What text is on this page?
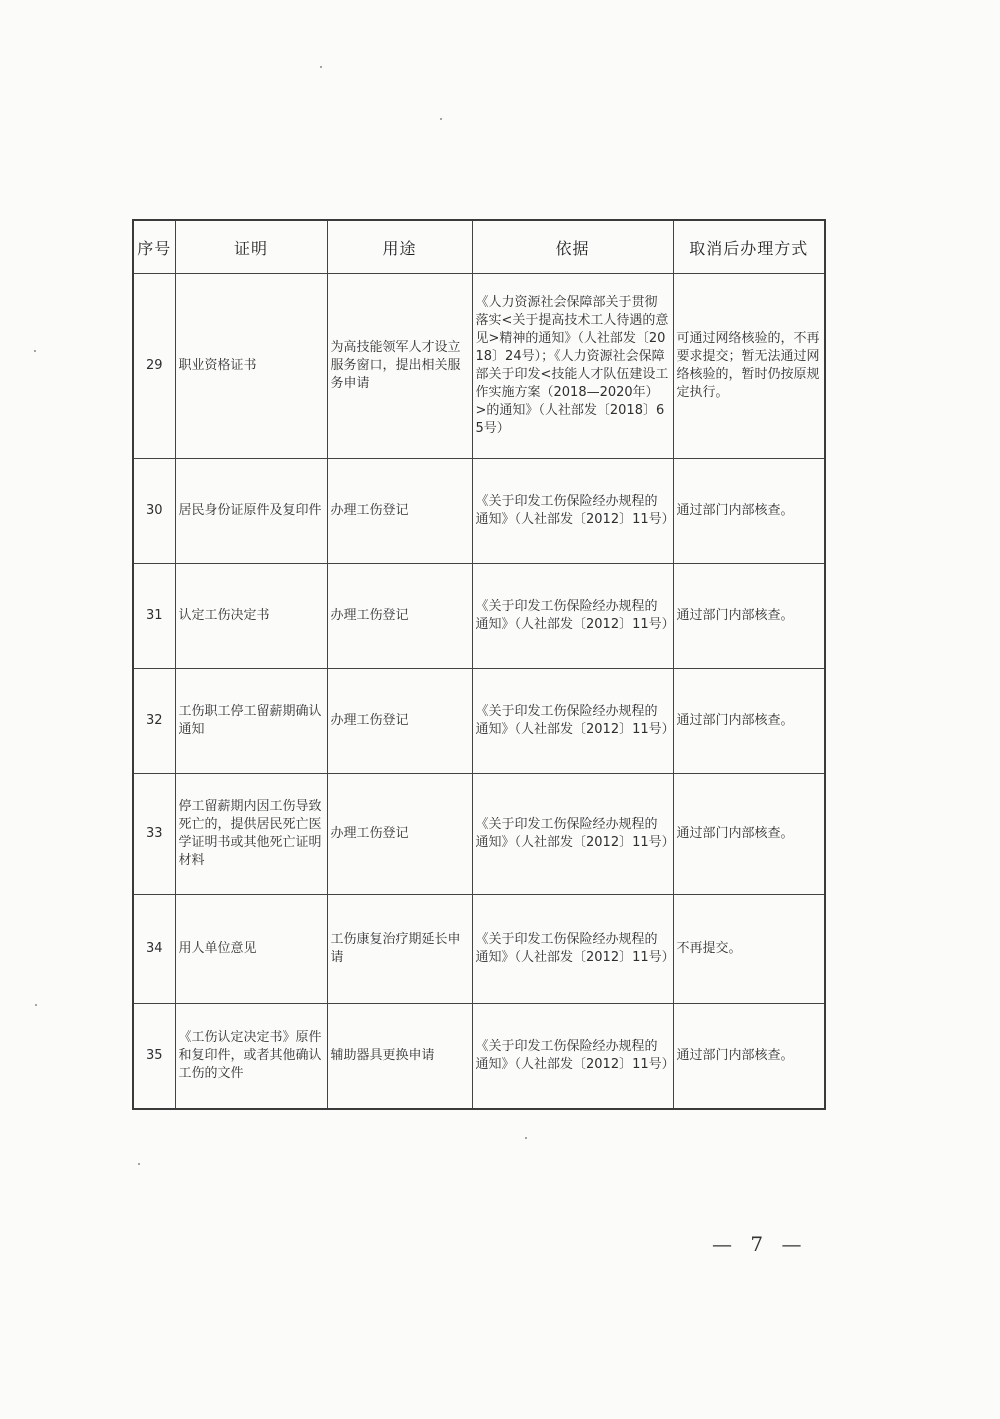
序号	证明	用途	依据	取消后办理方式
29	职业资格证书	为高技能领军人才设立服务窗口，提出相关服务申请	《人力资源社会保障部关于贯彻落实<关于提高技术工人待遇的意见>精神的通知》（人社部发〔2018〕24号）；《人力资源社会保障部关于印发<技能人才队伍建设工作实施方案（2018—2020年）>的通知》（人社部发〔2018〕65号）	可通过网络核验的，不再要求提交；暂无法通过网络核验的，暂时仍按原规定执行。
30	居民身份证原件及复印件	办理工伤登记	《关于印发工伤保险经办规程的通知》（人社部发〔2012〕11号）	通过部门内部核查。
31	认定工伤决定书	办理工伤登记	《关于印发工伤保险经办规程的通知》（人社部发〔2012〕11号）	通过部门内部核查。
32	工伤职工停工留薪期确认通知	办理工伤登记	《关于印发工伤保险经办规程的通知》（人社部发〔2012〕11号）	通过部门内部核查。
33	停工留薪期内因工伤导致死亡的，提供居民死亡医学证明书或其他死亡证明材料	办理工伤登记	《关于印发工伤保险经办规程的通知》（人社部发〔2012〕11号）	通过部门内部核查。
34	用人单位意见	工伤康复治疗期延长申请	《关于印发工伤保险经办规程的通知》（人社部发〔2012〕11号）	不再提交。
35	《工伤认定决定书》原件和复印件，或者其他确认工伤的文件	辅助器具更换申请	《关于印发工伤保险经办规程的通知》（人社部发〔2012〕11号）	通过部门内部核查。
— 7 —
